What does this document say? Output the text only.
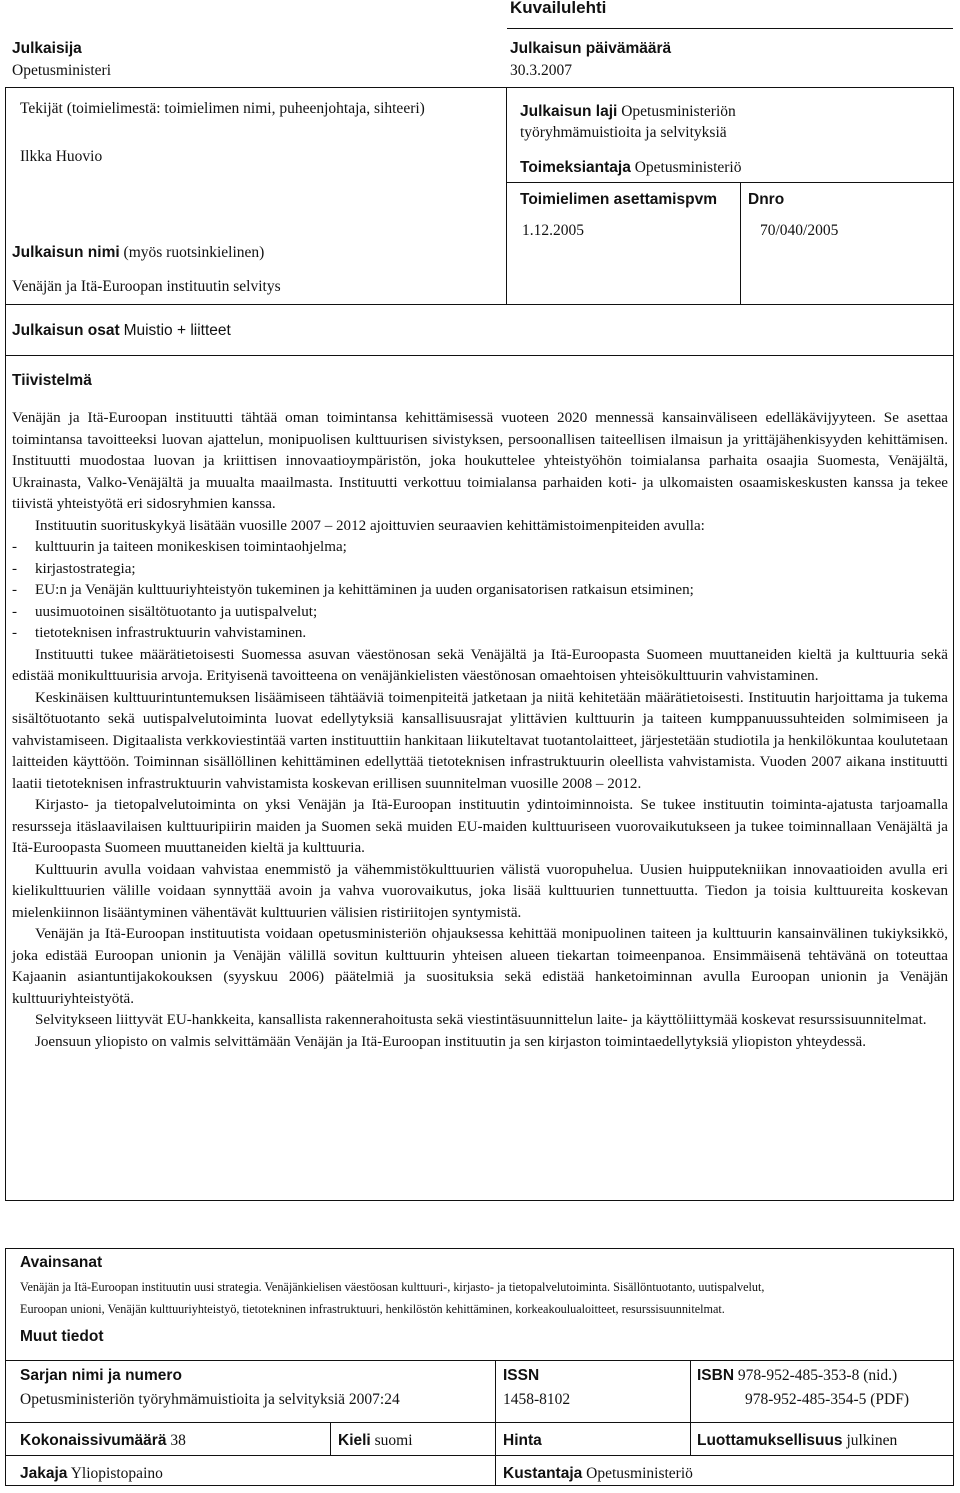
Kuvailulehti
Julkaisija
Opetusministeri
Julkaisun päivämäärä
30.3.2007
Tekijät (toimielimestä: toimielimen nimi, puheenjohtaja, sihteeri)
Ilkka Huovio
Julkaisun laji Opetusministeriön
työryhmämuistioita ja selvityksiä
Toimeksiantaja Opetusministeriö
Toimielimen asettamispvm Dnro
1.12.2005	70/040/2005
Julkaisun nimi (myös ruotsinkielinen)
Venäjän ja Itä-Euroopan instituutin selvitys
Julkaisun osat Muistio + liitteet
Tiivistelmä

Venäjän ja Itä-Euroopan instituutti tähtää oman toimintansa kehittämisessä vuoteen 2020 mennessä kansainväliseen edelläkävijyyteen. Se asettaa toimintansa tavoitteeksi luovan ajattelun, monipuolisen kulttuurisen sivistyksen, persoonallisen taiteellisen ilmaisun ja yrittäjähenkisyyden kehittämisen. Instituutti muodostaa luovan ja kriittisen innovaatioympäristön, joka houkuttelee yhteistyöhön toimialansa parhaita osaajia Suomesta, Venäjältä, Ukrainasta, Valko-Venäjältä ja muualta maailmasta. Instituutti verkottuu toimialansa parhaiden koti- ja ulkomaisten osaamiskeskusten kanssa ja tekee tiivistä yhteistyötä eri sidosryhmien kanssa.

Instituutin suorituskykyä lisätään vuosille 2007 – 2012 ajoittuvien seuraavien kehittämistoimenpiteiden avulla:

- kulttuurin ja taiteen monikeskisen toimintaohjelma;
- kirjastostrategia;
- EU:n ja Venäjän kulttuuriyhteistyön tukeminen ja kehittäminen ja uuden organisatorisen ratkaisun etsiminen;
- uusimuotoinen sisältötuotanto ja uutispalvelut;
- tietoteknisen infrastruktuurin vahvistaminen.

Instituutti tukee määrätietoisesti Suomessa asuvan väestönosan sekä Venäjältä ja Itä-Euroopasta Suomeen muuttaneiden kieltä ja kulttuuria sekä edistää monikulttuurisia arvoja. Erityisenä tavoitteena on venäjänkielisten väestönosan omaehtoisen yhteisökulttuurin vahvistaminen.

Keskinäisen kulttuurintuntemuksen lisäämiseen tähtääviä toimenpiteitä jatketaan ja niitä kehitetään määrätietoisesti. Instituutin harjoittama ja tukema sisältötuotanto sekä uutispalvelutoiminta luovat edellytyksiä kansallisuusrajat ylittävien kulttuurin ja taiteen kumppanuussuhteiden solmimiseen ja vahvistamiseen. Digitaalista verkkoviestintää varten instituuttiin hankitaan liikuteltavat tuotantolaitteet, järjestetään studiotila ja henkilökuntaa koulutetaan laitteiden käyttöön. Toiminnan sisällöllinen kehittäminen edellyttää tietoteknisen infrastruktuurin oleellista vahvistamista. Vuoden 2007 aikana instituutti laatii tietoteknisen infrastruktuurin vahvistamista koskevan erillisen suunnitelman vuosille 2008 – 2012.

Kirjasto- ja tietopalvelutoiminta on yksi Venäjän ja Itä-Euroopan instituutin ydintoiminnoista. Se tukee instituutin toiminta-ajatusta tarjoamalla resursseja itäslaavilaisen kulttuuripiirin maiden ja Suomen sekä muiden EU-maiden kulttuuriseen vuorovaikutukseen ja tukee toiminnallaan Venäjältä ja Itä-Euroopasta Suomeen muuttaneiden kieltä ja kulttuuria.

Kulttuurin avulla voidaan vahvistaa enemmistö ja vähemmistökulttuurien välistä vuoropuhelua. Uusien huipputekniikan innovaatioiden avulla eri kielikulttuurien välille voidaan synnyttää avoin ja vahva vuorovaikutus, joka lisää kulttuurien tunnettuutta. Tiedon ja toisia kulttuureita koskevan mielenkiinnon lisääntyminen vähentävät kulttuurien välisien ristiriitojen syntymistä.

Venäjän ja Itä-Euroopan instituutista voidaan opetusministeriön ohjauksessa kehittää monipuolinen taiteen ja kulttuurin kansainvälinen tukiyksikkö, joka edistää Euroopan unionin ja Venäjän välillä sovitun kulttuurin yhteisen alueen tiekartan toimeenpanoa. Ensimmäisenä tehtävänä on toteuttaa Kajaanin asiantuntijakokouksen (syyskuu 2006) päätelmiä ja suosituksia sekä edistää hanketoiminnan avulla Euroopan unionin ja Venäjän kulttuuriyhteistyötä.

Selvitykseen liittyvät EU-hankkeita, kansallista rakennerahoitusta sekä viestintäsuunnittelun laite- ja käyttöliittymää koskevat resurssisuunnitelmat.

Joensuun yliopisto on valmis selvittämään Venäjän ja Itä-Euroopan instituutin ja sen kirjaston toimintaedellytyksiä yliopiston yhteydessä.

Avainsanat
Venäjän ja Itä-Euroopan instituutin uusi strategia. Venäjänkielisen väestöosan kulttuuri-, kirjasto- ja tietopalvelutoiminta. Sisällöntuotanto, uutispalvelut,
Euroopan unioni, Venäjän kulttuuriyhteistyö, tietotekninen infrastruktuuri, henkilöstön kehittäminen, korkeakoulualoitteet, resurssisuunnitelmat.
Muut tiedot
Sarjan nimi ja numero
Opetusministeriön työryhmämuistioita ja selvityksiä 2007:24
ISSN
1458-8102
ISBN 978-952-485-353-8 (nid.)
978-952-485-354-5 (PDF)
Kokonaissivumäärä 38	Kieli suomi	Hinta	Luottamuksellisuus julkinen
Jakaja Yliopistopaino	Kustantaja Opetusministeriö
